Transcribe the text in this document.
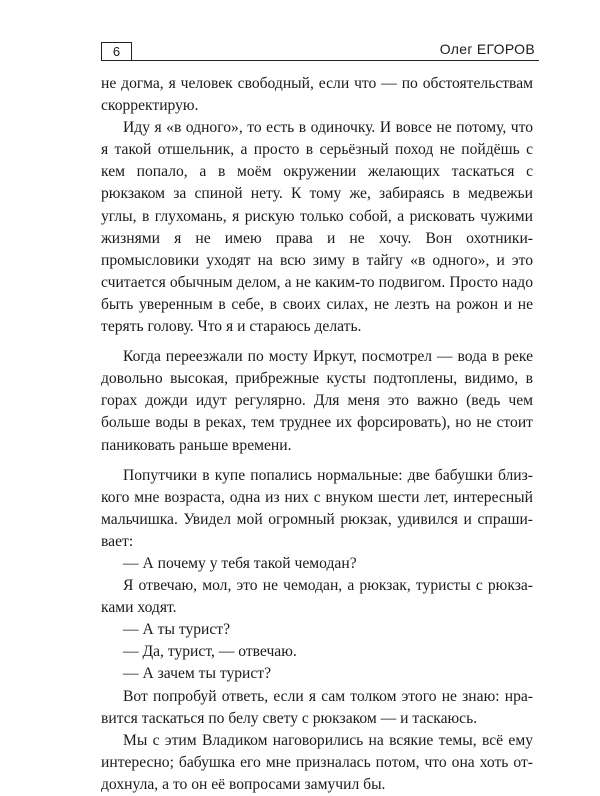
6	Олег ЕГОРОВ

не догма, я человек свободный, если что — по обстоятельствам скорректирую.

Иду я «в одного», то есть в одиночку. И вовсе не потому, что я такой отшельник, а просто в серьёзный поход не пойдёшь с кем попало, а в моём окружении желающих таскаться с рюкзаком за спиной нету. К тому же, забираясь в медвежьи углы, в глухомань, я рискую только собой, а рисковать чужими жизнями я не имею права и не хочу. Вон охотники-промысловики уходят на всю зиму в тайгу «в одного», и это считается обычным делом, а не каким-то подвигом. Просто надо быть уверенным в себе, в своих силах, не лезть на рожон и не терять голову. Что я и стараюсь делать.

Когда переезжали по мосту Иркут, посмотрел — вода в реке довольно высокая, прибрежные кусты подтоплены, видимо, в горах дожди идут регулярно. Для меня это важно (ведь чем больше воды в реках, тем труднее их форсировать), но не стоит паниковать раньше времени.

Попутчики в купе попались нормальные: две бабушки близкого мне возраста, одна из них с внуком шести лет, интересный мальчишка. Увидел мой огромный рюкзак, удивился и спрашивает:

— А почему у тебя такой чемодан?

Я отвечаю, мол, это не чемодан, а рюкзак, туристы с рюкзаками ходят.

— А ты турист?

— Да, турист, — отвечаю.

— А зачем ты турист?

Вот попробуй ответь, если я сам толком этого не знаю: нравится таскаться по белу свету с рюкзаком — и таскаюсь.

Мы с этим Владиком наговорились на всякие темы, всё ему интересно; бабушка его мне призналась потом, что она хоть отдохнула, а то он её вопросами замучил бы.
